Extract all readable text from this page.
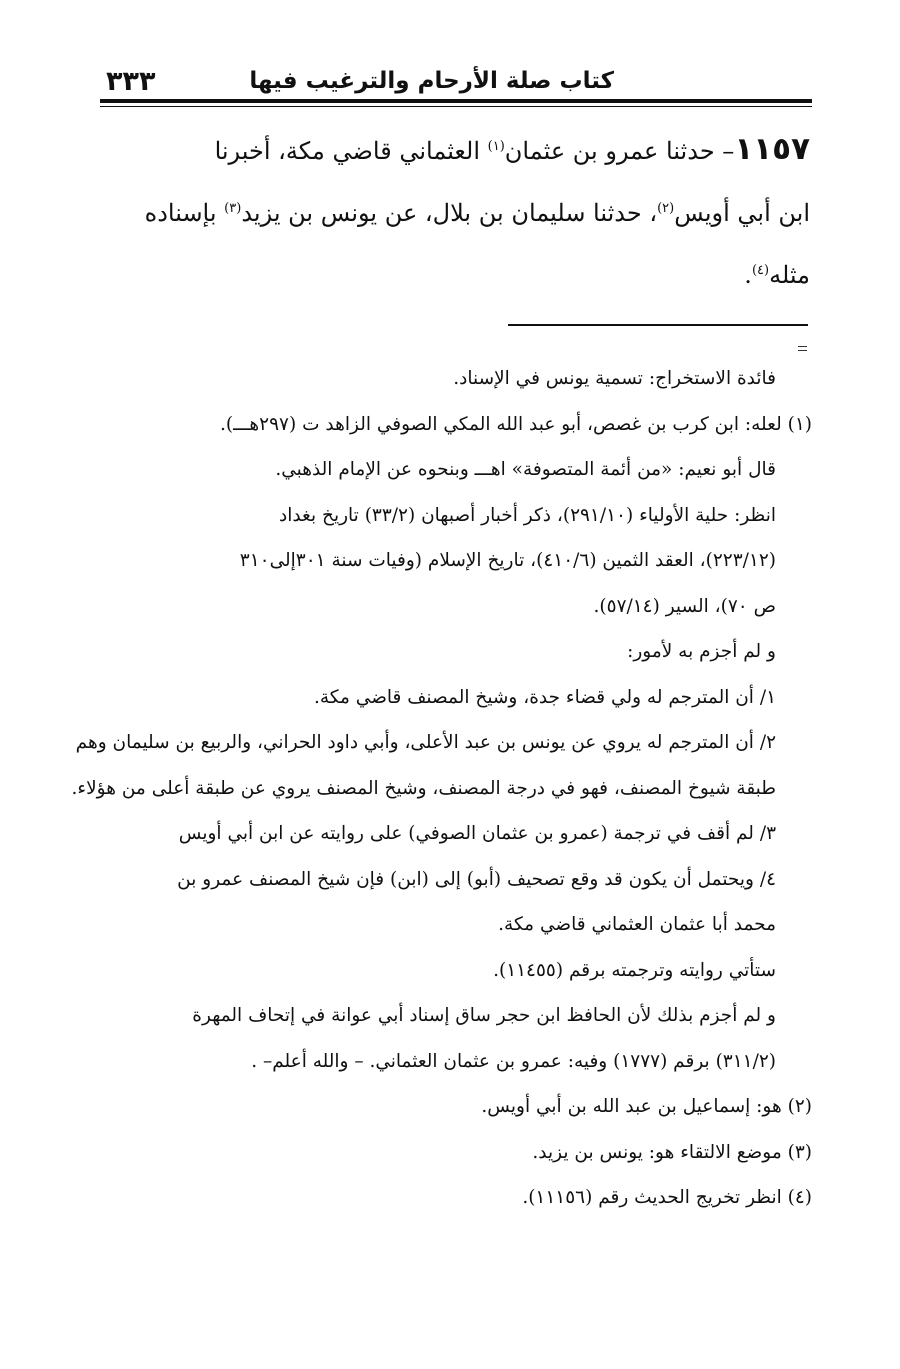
٣٣٣	كتاب صلة الأرحام والترغيب فيها
١١٥٧– حدثنا عمرو بن عثمان$^{(١)}$ العثماني قاضي مكة، أخبرنا
ابن أبي أويس$^{(٢)}$، حدثنا سليمان بن بلال، عن يونس بن يزيد$^{(٣)}$ بإسناده
مثله$^{(٤)}$.
فائدة الاستخراج: تسمية يونس في الإسناد.
(١) لعله: ابن كرب بن غصص، أبو عبد الله المكي الصوفي الزاهد ت (٢٩٧هـــ).
قال أبو نعيم: «من أئمة المتصوفة» اهـــ وبنحوه عن الإمام الذهبي.
انظر: حلية الأولياء (٢٩١/١٠)، ذكر أخبار أصبهان (٣٣/٢) تاريخ بغداد
(٢٢٣/١٢)، العقد الثمين (٤١٠/٦)، تاريخ الإسلام (وفيات سنة ٣٠١إلى٣١٠
ص ٧٠)، السير (٥٧/١٤).
و لم أجزم به لأمور:
١/ أن المترجم له ولي قضاء جدة، وشيخ المصنف قاضي مكة.
٢/ أن المترجم له يروي عن يونس بن عبد الأعلى، وأبي داود الحراني، والربيع بن سليمان وهم
طبقة شيوخ المصنف، فهو في درجة المصنف، وشيخ المصنف يروي عن طبقة أعلى من هؤلاء.
٣/ لم أقف في ترجمة (عمرو بن عثمان الصوفي) على روايته عن ابن أبي أويس
٤/ ويحتمل أن يكون قد وقع تصحيف (أبو) إلى (ابن) فإن شيخ المصنف عمرو بن
محمد أبا عثمان العثماني قاضي مكة.
ستأتي روايته وترجمته برقم (١١٤٥٥).
و لم أجزم بذلك لأن الحافظ ابن حجر ساق إسناد أبي عوانة في إتحاف المهرة
(٣١١/٢) برقم (١٧٧٧) وفيه: عمرو بن عثمان العثماني. – والله أعلم– .
(٢) هو: إسماعيل بن عبد الله بن أبي أويس.
(٣) موضع الالتقاء هو: يونس بن يزيد.
(٤) انظر تخريج الحديث رقم (١١١٥٦).
